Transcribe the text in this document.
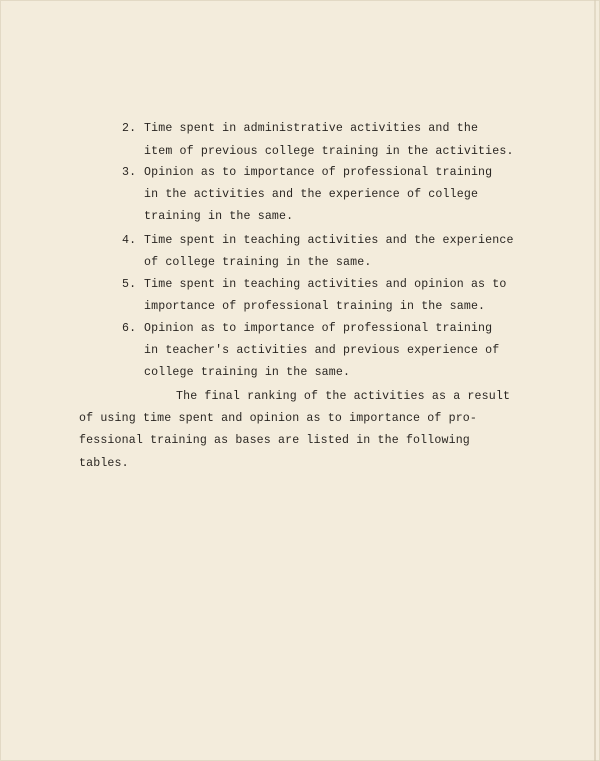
2. Time spent in administrative activities and the
item of previous college training in the activities.
3. Opinion as to importance of professional training
in the activities and the experience of college
training in the same.
4. Time spent in teaching activities and the experience
of college training in the same.
5. Time spent in teaching activities and opinion as to
importance of professional training in the same.
6. Opinion as to importance of professional training
in teacher's activities and previous experience of
college training in the same.
The final ranking of the activities as a result
of using time spent and opinion as to importance of pro-
fessional training as bases are listed in the following
tables.
